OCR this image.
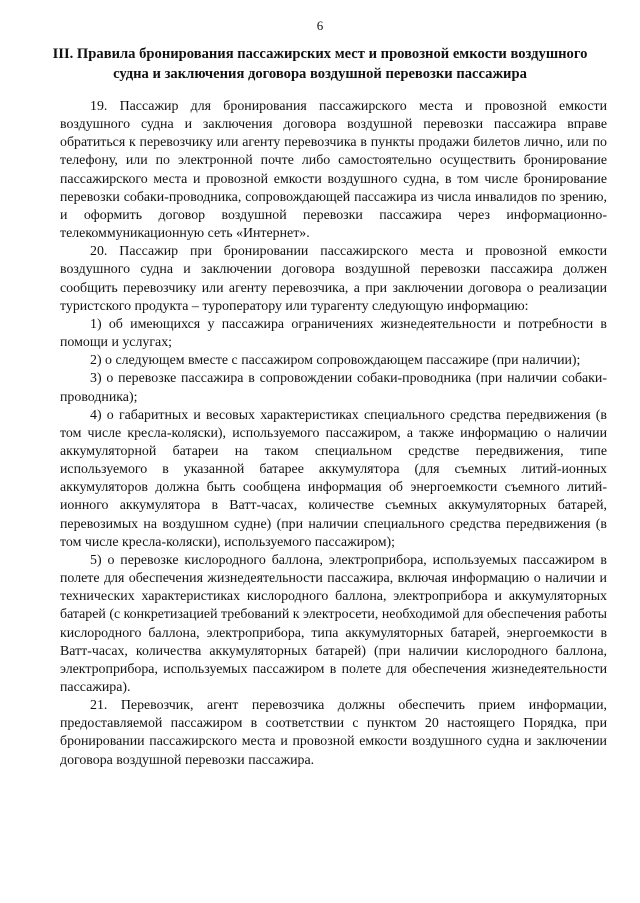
6
III. Правила бронирования пассажирских мест и провозной емкости воздушного судна и заключения договора воздушной перевозки пассажира

19. Пассажир для бронирования пассажирского места и провозной емкости воздушного судна и заключения договора воздушной перевозки пассажира вправе обратиться к перевозчику или агенту перевозчика в пункты продажи билетов лично, или по телефону, или по электронной почте либо самостоятельно осуществить бронирование пассажирского места и провозной емкости воздушного судна, в том числе бронирование перевозки собаки-проводника, сопровождающей пассажира из числа инвалидов по зрению, и оформить договор воздушной перевозки пассажира через информационно-телекоммуникационную сеть «Интернет».

20. Пассажир при бронировании пассажирского места и провозной емкости воздушного судна и заключении договора воздушной перевозки пассажира должен сообщить перевозчику или агенту перевозчика, а при заключении договора о реализации туристского продукта – туроператору или турагенту следующую информацию:

1) об имеющихся у пассажира ограничениях жизнедеятельности и потребности в помощи и услугах;

2) о следующем вместе с пассажиром сопровождающем пассажире (при наличии);

3) о перевозке пассажира в сопровождении собаки-проводника (при наличии собаки-проводника);

4) о габаритных и весовых характеристиках специального средства передвижения (в том числе кресла-коляски), используемого пассажиром, а также информацию о наличии аккумуляторной батареи на таком специальном средстве передвижения, типе используемого в указанной батарее аккумулятора (для съемных литий-ионных аккумуляторов должна быть сообщена информация об энергоемкости съемного литий-ионного аккумулятора в Ватт-часах, количестве съемных аккумуляторных батарей, перевозимых на воздушном судне) (при наличии специального средства передвижения (в том числе кресла-коляски), используемого пассажиром);

5) о перевозке кислородного баллона, электроприбора, используемых пассажиром в полете для обеспечения жизнедеятельности пассажира, включая информацию о наличии и технических характеристиках кислородного баллона, электроприбора и аккумуляторных батарей (с конкретизацией требований к электросети, необходимой для обеспечения работы кислородного баллона, электроприбора, типа аккумуляторных батарей, энергоемкости в Ватт-часах, количества аккумуляторных батарей) (при наличии кислородного баллона, электроприбора, используемых пассажиром в полете для обеспечения жизнедеятельности пассажира).

21. Перевозчик, агент перевозчика должны обеспечить прием информации, предоставляемой пассажиром в соответствии с пунктом 20 настоящего Порядка, при бронировании пассажирского места и провозной емкости воздушного судна и заключении договора воздушной перевозки пассажира.
